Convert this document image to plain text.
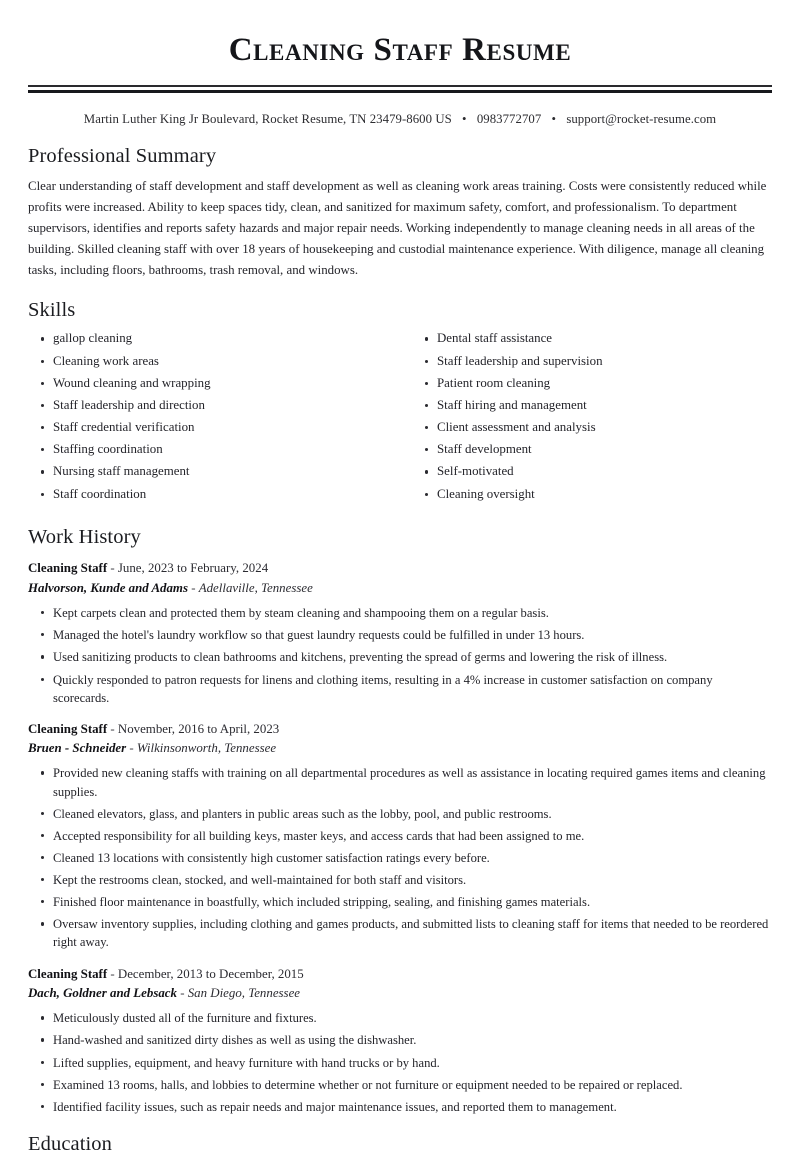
Cleaning Staff Resume
Martin Luther King Jr Boulevard, Rocket Resume, TN 23479-8600 US • 0983772707 • support@rocket-resume.com
Professional Summary

Clear understanding of staff development and staff development as well as cleaning work areas training. Costs were consistently reduced while profits were increased. Ability to keep spaces tidy, clean, and sanitized for maximum safety, comfort, and professionalism. To department supervisors, identifies and reports safety hazards and major repair needs. Working independently to manage cleaning needs in all areas of the building. Skilled cleaning staff with over 18 years of housekeeping and custodial maintenance experience. With diligence, manage all cleaning tasks, including floors, bathrooms, trash removal, and windows.

Skills
gallop cleaning
Cleaning work areas
Wound cleaning and wrapping
Staff leadership and direction
Staff credential verification
Staffing coordination
Nursing staff management
Staff coordination
Dental staff assistance
Staff leadership and supervision
Patient room cleaning
Staff hiring and management
Client assessment and analysis
Staff development
Self-motivated
Cleaning oversight
Work History
Cleaning Staff - June, 2023 to February, 2024
Halvorson, Kunde and Adams - Adellaville, Tennessee
Kept carpets clean and protected them by steam cleaning and shampooing them on a regular basis.
Managed the hotel's laundry workflow so that guest laundry requests could be fulfilled in under 13 hours.
Used sanitizing products to clean bathrooms and kitchens, preventing the spread of germs and lowering the risk of illness.
Quickly responded to patron requests for linens and clothing items, resulting in a 4% increase in customer satisfaction on company scorecards.
Cleaning Staff - November, 2016 to April, 2023
Bruen - Schneider - Wilkinsonworth, Tennessee
Provided new cleaning staffs with training on all departmental procedures as well as assistance in locating required games items and cleaning supplies.
Cleaned elevators, glass, and planters in public areas such as the lobby, pool, and public restrooms.
Accepted responsibility for all building keys, master keys, and access cards that had been assigned to me.
Cleaned 13 locations with consistently high customer satisfaction ratings every before.
Kept the restrooms clean, stocked, and well-maintained for both staff and visitors.
Finished floor maintenance in boastfully, which included stripping, sealing, and finishing games materials.
Oversaw inventory supplies, including clothing and games products, and submitted lists to cleaning staff for items that needed to be reordered right away.
Cleaning Staff - December, 2013 to December, 2015
Dach, Goldner and Lebsack - San Diego, Tennessee
Meticulously dusted all of the furniture and fixtures.
Hand-washed and sanitized dirty dishes as well as using the dishwasher.
Lifted supplies, equipment, and heavy furniture with hand trucks or by hand.
Examined 13 rooms, halls, and lobbies to determine whether or not furniture or equipment needed to be repaired or replaced.
Identified facility issues, such as repair needs and major maintenance issues, and reported them to management.
Education
